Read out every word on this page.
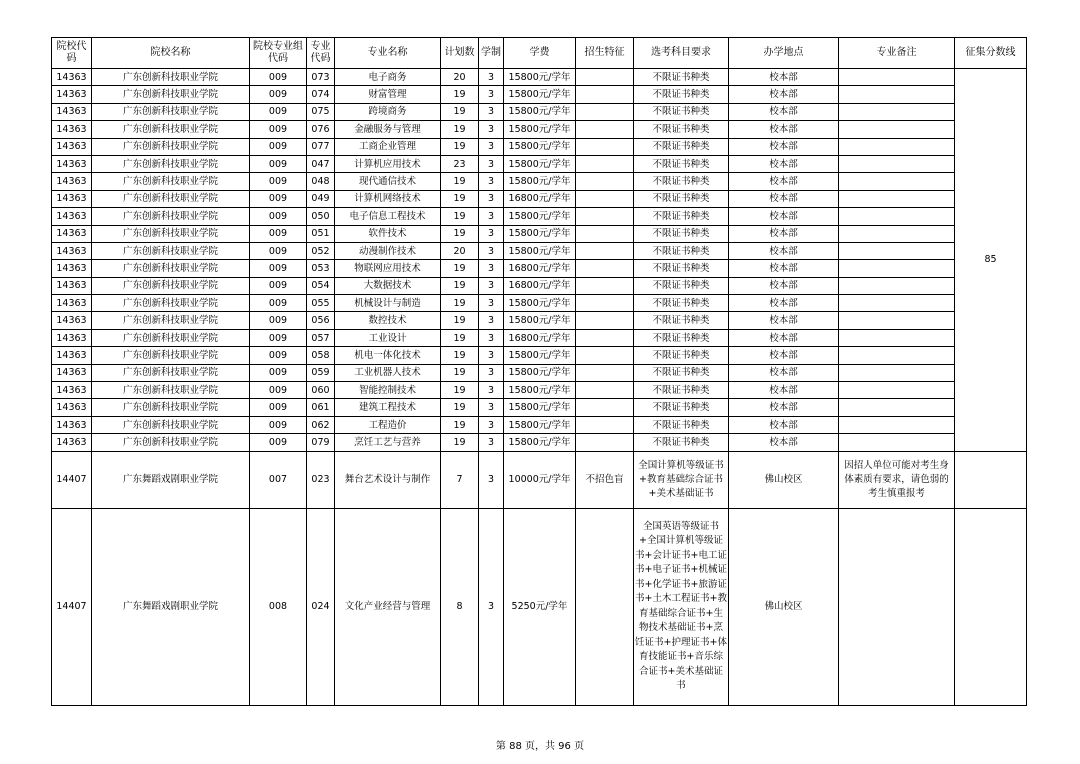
院校代码	院校名称	院校专业组代码	专业代码	专业名称	计划数	学制	学费	招生特征	选考科目要求	办学地点	专业备注	征集分数线
14363	广东创新科技职业学院	009	073	电子商务	20	3	15800元/学年		不限证书种类	校本部		85
14363	广东创新科技职业学院	009	074	财富管理	19	3	15800元/学年		不限证书种类	校本部		
14363	广东创新科技职业学院	009	075	跨境商务	19	3	15800元/学年		不限证书种类	校本部		
14363	广东创新科技职业学院	009	076	金融服务与管理	19	3	15800元/学年		不限证书种类	校本部		
14363	广东创新科技职业学院	009	077	工商企业管理	19	3	15800元/学年		不限证书种类	校本部		
14363	广东创新科技职业学院	009	047	计算机应用技术	23	3	15800元/学年		不限证书种类	校本部		
14363	广东创新科技职业学院	009	048	现代通信技术	19	3	15800元/学年		不限证书种类	校本部		
14363	广东创新科技职业学院	009	049	计算机网络技术	19	3	16800元/学年		不限证书种类	校本部		
14363	广东创新科技职业学院	009	050	电子信息工程技术	19	3	15800元/学年		不限证书种类	校本部		
14363	广东创新科技职业学院	009	051	软件技术	19	3	15800元/学年		不限证书种类	校本部		
14363	广东创新科技职业学院	009	052	动漫制作技术	20	3	15800元/学年		不限证书种类	校本部		
14363	广东创新科技职业学院	009	053	物联网应用技术	19	3	16800元/学年		不限证书种类	校本部		
14363	广东创新科技职业学院	009	054	大数据技术	19	3	16800元/学年		不限证书种类	校本部		
14363	广东创新科技职业学院	009	055	机械设计与制造	19	3	15800元/学年		不限证书种类	校本部		
14363	广东创新科技职业学院	009	056	数控技术	19	3	15800元/学年		不限证书种类	校本部		
14363	广东创新科技职业学院	009	057	工业设计	19	3	16800元/学年		不限证书种类	校本部		
14363	广东创新科技职业学院	009	058	机电一体化技术	19	3	15800元/学年		不限证书种类	校本部		
14363	广东创新科技职业学院	009	059	工业机器人技术	19	3	15800元/学年		不限证书种类	校本部		
14363	广东创新科技职业学院	009	060	智能控制技术	19	3	15800元/学年		不限证书种类	校本部		
14363	广东创新科技职业学院	009	061	建筑工程技术	19	3	15800元/学年		不限证书种类	校本部		
14363	广东创新科技职业学院	009	062	工程造价	19	3	15800元/学年		不限证书种类	校本部		
14363	广东创新科技职业学院	009	079	烹饪工艺与营养	19	3	15800元/学年		不限证书种类	校本部		
14407	广东舞蹈戏剧职业学院	007	023	舞台艺术设计与制作	7	3	10000元/学年	不招色盲	全国计算机等级证书+教育基础综合证书+美术基础证书	佛山校区	因招人单位可能对考生身体素质有要求，请色弱的考生慎重报考	
14407	广东舞蹈戏剧职业学院	008	024	文化产业经营与管理	8	3	5250元/学年		全国英语等级证书+全国计算机等级证书+会计证书+电工证书+电子证书+机械证书+化学证书+旅游证书+土木工程证书+教育基础综合证书+生物技术基础证书+烹饪证书+护理证书+体育技能证书+音乐综合证书+美术基础证书	佛山校区		
第 88 页，共 96 页
